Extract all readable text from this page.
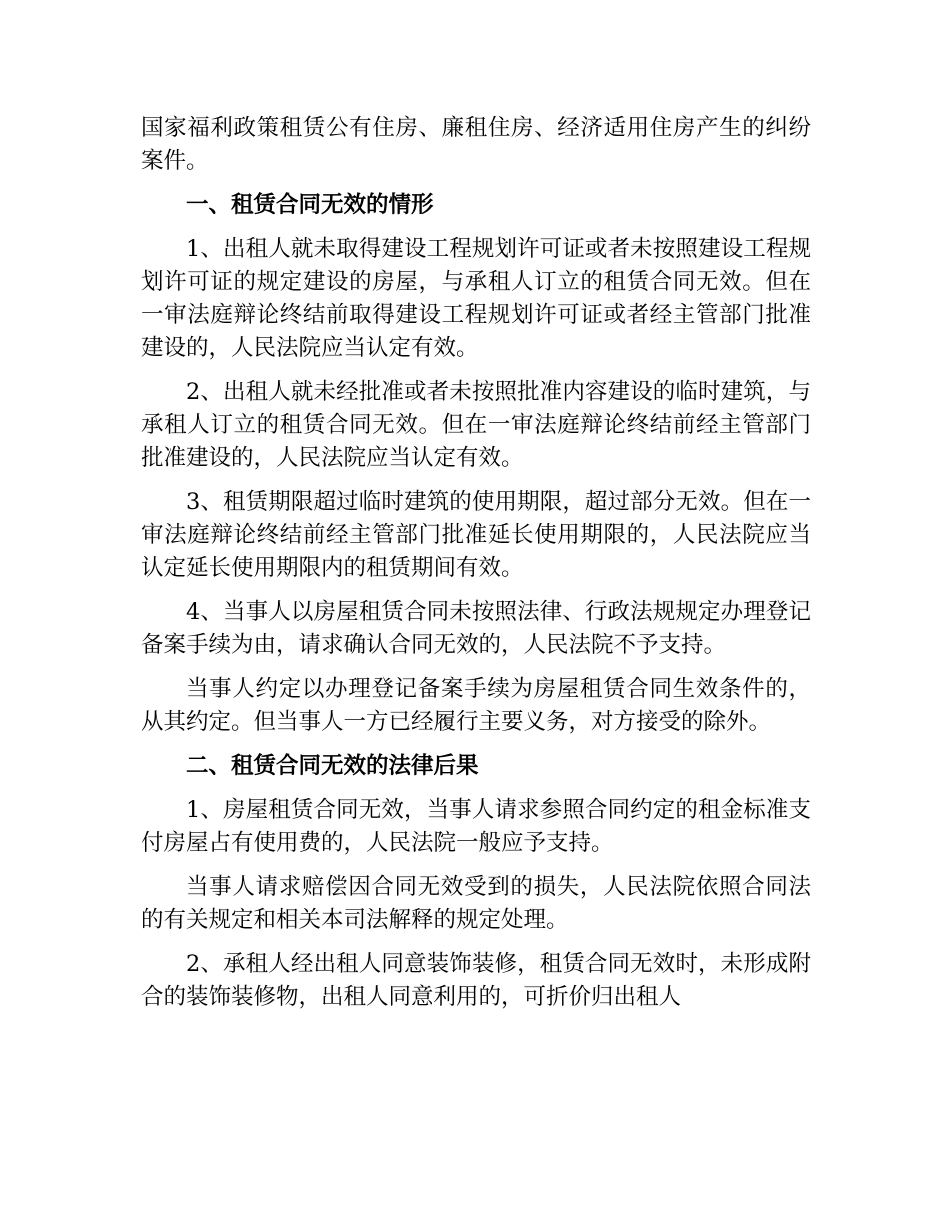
国家福利政策租赁公有住房、廉租住房、经济适用住房产生的纠纷案件。

一、租赁合同无效的情形

1、出租人就未取得建设工程规划许可证或者未按照建设工程规划许可证的规定建设的房屋，与承租人订立的租赁合同无效。但在一审法庭辩论终结前取得建设工程规划许可证或者经主管部门批准建设的，人民法院应当认定有效。

2、出租人就未经批准或者未按照批准内容建设的临时建筑，与承租人订立的租赁合同无效。但在一审法庭辩论终结前经主管部门批准建设的，人民法院应当认定有效。

3、租赁期限超过临时建筑的使用期限，超过部分无效。但在一审法庭辩论终结前经主管部门批准延长使用期限的，人民法院应当认定延长使用期限内的租赁期间有效。

4、当事人以房屋租赁合同未按照法律、行政法规规定办理登记备案手续为由，请求确认合同无效的，人民法院不予支持。

当事人约定以办理登记备案手续为房屋租赁合同生效条件的，从其约定。但当事人一方已经履行主要义务，对方接受的除外。

二、租赁合同无效的法律后果

1、房屋租赁合同无效，当事人请求参照合同约定的租金标准支付房屋占有使用费的，人民法院一般应予支持。

当事人请求赔偿因合同无效受到的损失，人民法院依照合同法的有关规定和相关本司法解释的规定处理。

2、承租人经出租人同意装饰装修，租赁合同无效时，未形成附合的装饰装修物，出租人同意利用的，可折价归出租人
